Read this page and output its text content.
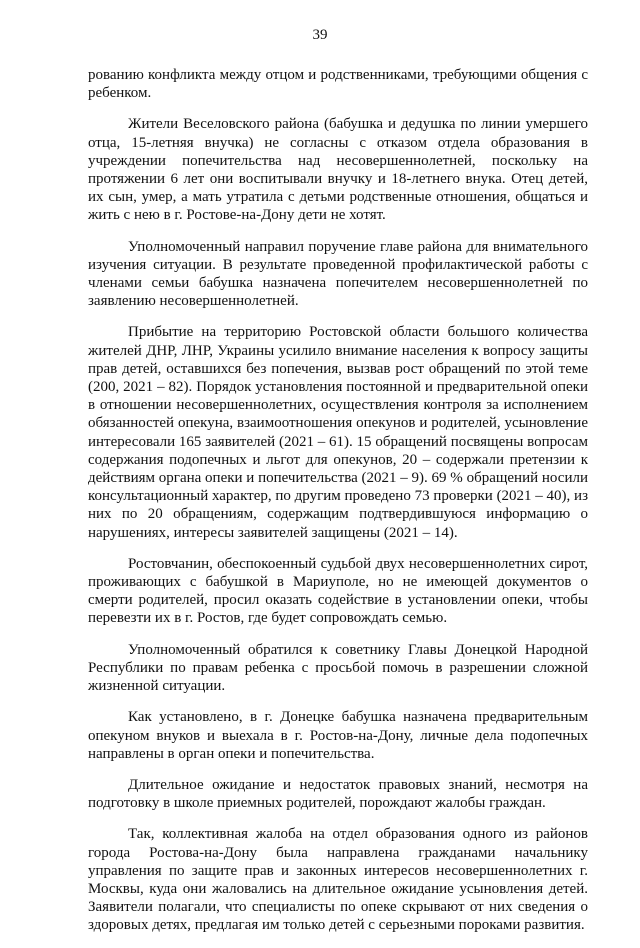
39

рованию конфликта между отцом и родственниками, требующими общения с ребенком.

Жители Веселовского района (бабушка и дедушка по линии умершего отца, 15-летняя внучка) не согласны с отказом отдела образования в учреждении попечительства над несовершеннолетней, поскольку на протяжении 6 лет они воспитывали внучку и 18-летнего внука. Отец детей, их сын, умер, а мать утратила с детьми родственные отношения, общаться и жить с нею в г. Ростове-на-Дону дети не хотят.

Уполномоченный направил поручение главе района для внимательного изучения ситуации. В результате проведенной профилактической работы с членами семьи бабушка назначена попечителем несовершеннолетней по заявлению несовершеннолетней.

Прибытие на территорию Ростовской области большого количества жителей ДНР, ЛНР, Украины усилило внимание населения к вопросу защиты прав детей, оставшихся без попечения, вызвав рост обращений по этой теме (200, 2021 – 82). Порядок установления постоянной и предварительной опеки в отношении несовершеннолетних, осуществления контроля за исполнением обязанностей опекуна, взаимоотношения опекунов и родителей, усыновление интересовали 165 заявителей (2021 – 61). 15 обращений посвящены вопросам содержания подопечных и льгот для опекунов, 20 – содержали претензии к действиям органа опеки и попечительства (2021 – 9). 69 % обращений носили консультационный характер, по другим проведено 73 проверки (2021 – 40), из них по 20 обращениям, содержащим подтвердившуюся информацию о нарушениях, интересы заявителей защищены (2021 – 14).

Ростовчанин, обеспокоенный судьбой двух несовершеннолетних сирот, проживающих с бабушкой в Мариуполе, но не имеющей документов о смерти родителей, просил оказать содействие в установлении опеки, чтобы перевезти их в г. Ростов, где будет сопровождать семью.

Уполномоченный обратился к советнику Главы Донецкой Народной Республики по правам ребенка с просьбой помочь в разрешении сложной жизненной ситуации.

Как установлено, в г. Донецке бабушка назначена предварительным опекуном внуков и выехала в г. Ростов-на-Дону, личные дела подопечных направлены в орган опеки и попечительства.

Длительное ожидание и недостаток правовых знаний, несмотря на подготовку в школе приемных родителей, порождают жалобы граждан.

Так, коллективная жалоба на отдел образования одного из районов города Ростова-на-Дону была направлена гражданами начальнику управления по защите прав и законных интересов несовершеннолетних г. Москвы, куда они жаловались на длительное ожидание усыновления детей. Заявители полагали, что специалисты по опеке скрывают от них сведения о здоровых детях, предлагая им только детей с серьезными пороками развития.
